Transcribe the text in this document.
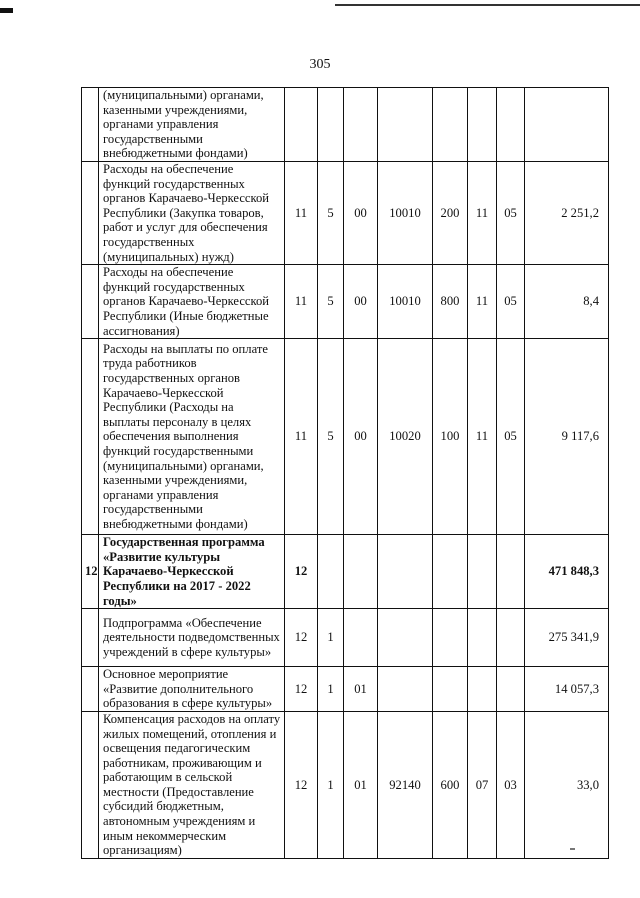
305
	(муниципальными) органами, казенными учреждениями, органами управления государственными внебюджетными фондами)								
	Расходы на обеспечение функций государственных органов Карачаево-Черкесской Республики (Закупка товаров, работ и услуг для обеспечения государственных (муниципальных) нужд)	11	5	00	10010	200	11	05	2 251,2
	Расходы на обеспечение функций государственных органов Карачаево-Черкесской Республики (Иные бюджетные ассигнования)	11	5	00	10010	800	11	05	8,4
	Расходы на выплаты по оплате труда работников государственных органов Карачаево-Черкесской Республики (Расходы на выплаты персоналу в целях обеспечения выполнения функций государственными (муниципальными) органами, казенными учреждениями, органами управления государственными внебюджетными фондами)	11	5	00	10020	100	11	05	9 117,6
12	Государственная программа «Развитие культуры Карачаево-Черкесской Республики на 2017 - 2022 годы»	12							471 848,3
	Подпрограмма «Обеспечение деятельности подведомственных учреждений в сфере культуры»	12	1						275 341,9
	Основное мероприятие «Развитие дополнительного образования в сфере культуры»	12	1	01					14 057,3
	Компенсация расходов на оплату жилых помещений, отопления и освещения педагогическим работникам, проживающим и работающим в сельской местности (Предоставление субсидий бюджетным, автономным учреждениям и иным некоммерческим организациям)	12	1	01	92140	600	07	03	33,0
